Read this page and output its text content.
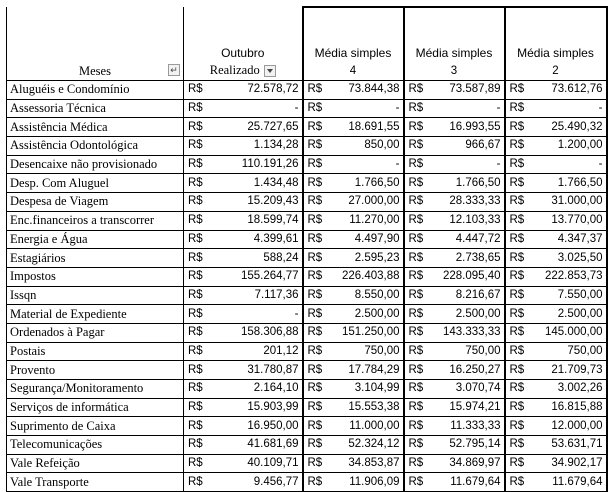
	Outubro		Média simples		Média simples		Média simples	
Meses ↵	Realizado		4		3		2	
Aluguéis e Condomínio	R$	72.578,72	R$	73.844,38	R$	73.587,89	R$	73.612,76
Assessoria Técnica	R$	-	R$	-	R$	-	R$	-
Assistência Médica	R$	25.727,65	R$	18.691,55	R$	16.993,55	R$	25.490,32
Assistência Odontológica	R$	1.134,28	R$	850,00	R$	966,67	R$	1.200,00
Desencaixe não provisionado	R$	110.191,26	R$	-	R$	-	R$	-
Desp. Com Aluguel	R$	1.434,48	R$	1.766,50	R$	1.766,50	R$	1.766,50
Despesa de Viagem	R$	15.209,43	R$	27.000,00	R$	28.333,33	R$	31.000,00
Enc.financeiros a transcorrer	R$	18.599,74	R$	11.270,00	R$	12.103,33	R$	13.770,00
Energia e Água	R$	4.399,61	R$	4.497,90	R$	4.447,72	R$	4.347,37
Estagiários	R$	588,24	R$	2.595,23	R$	2.738,65	R$	3.025,50
Impostos	R$	155.264,77	R$	226.403,88	R$	228.095,40	R$	222.853,73
Issqn	R$	7.117,36	R$	8.550,00	R$	8.216,67	R$	7.550,00
Material de Expediente	R$	-	R$	2.500,00	R$	2.500,00	R$	2.500,00
Ordenados à Pagar	R$	158.306,88	R$	151.250,00	R$	143.333,33	R$	145.000,00
Postais	R$	201,12	R$	750,00	R$	750,00	R$	750,00
Provento	R$	31.780,87	R$	17.784,29	R$	16.250,27	R$	21.709,73
Segurança/Monitoramento	R$	2.164,10	R$	3.104,99	R$	3.070,74	R$	3.002,26
Serviços de informática	R$	15.903,99	R$	15.553,38	R$	15.974,21	R$	16.815,88
Suprimento de Caixa	R$	16.950,00	R$	11.000,00	R$	11.333,33	R$	12.000,00
Telecomunicações	R$	41.681,69	R$	52.324,12	R$	52.795,14	R$	53.631,71
Vale Refeição	R$	40.109,71	R$	34.853,87	R$	34.869,97	R$	34.902,17
Vale Transporte	R$	9.456,77	R$	11.906,09	R$	11.679,64	R$	11.679,64
